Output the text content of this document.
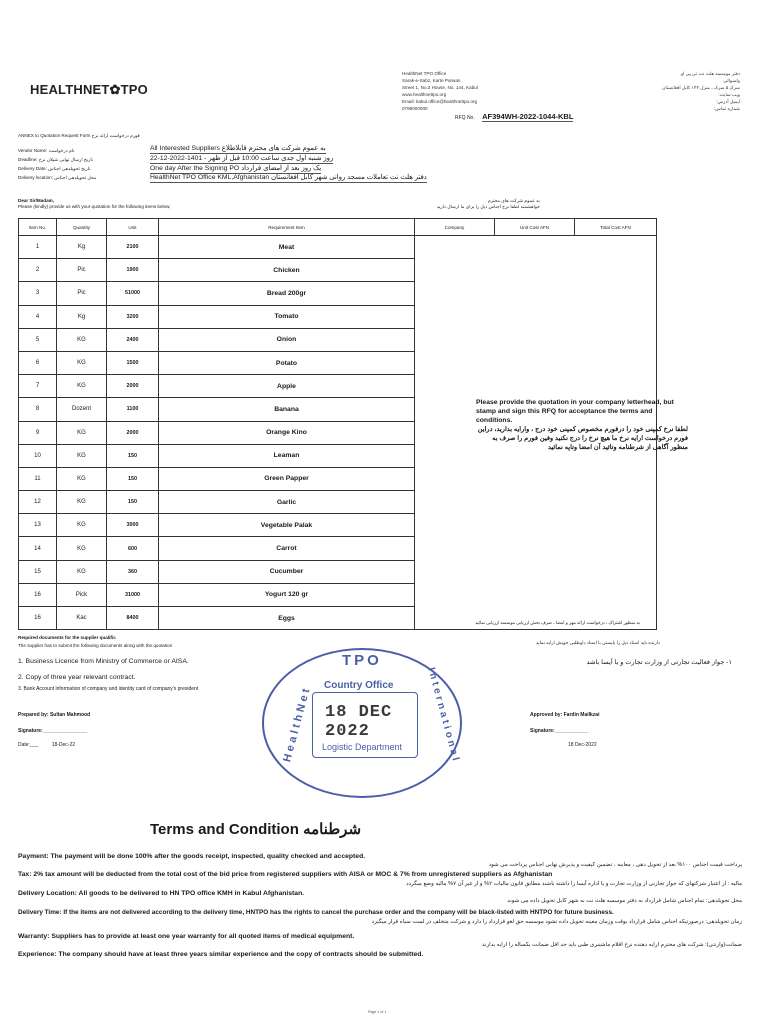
HEALTHNET✿TPO
HealthNet TPO Office
Sarak-e-Sabz, Karte Parwan
Street 1, No.3 House, No. 144, Kabul
www.healthnettpo.org
Email: kabul.office@healthnettpo.org
0799000000
دفتر موسسه هلت نت تی پی او
ولسوالی
سرک ۵ سرک ، منزل ۱۴۴ کابل افغانستان
ویب سایت:
ایمیل آدرس:
شماره تماس:
RFQ No. AF394WH-2022-1044-KBL
ANNEX to Quotation Request Form فورم درخواست ارائه نرخ
Vendor Name: نام درخواست	All Interested Suppliers به عموم شرکت های محترم قابلاطلاع
Deadline: تاریخ ارسال نهایی شیلان نرخ	22-12-2022-1401 - روز شنبه اول جدی ساعت 10:00 قبل از ظهر
Delivery Date: تاریخ تحویلدهی اجناس	One day After the Signing PO یک روز بعد از امضای قرارداد
Delivery location: محل تحویلدهی اجناس	HealthNet TPO Office KML,Afghanistan دفتر هلث نت تعاملات مسجد روانی شهر کابل افغانستان
Dear Sir/Madam,
Please (kindly) provide us with your quotation for the following items below,
به عموم شرکت های محترم
خواهشمند لطفا نرخ اجناس ذیل را برای ما ارسال دارید
Item No.	Quantity	Unit	Requirement Item	Company	Unit Cost AFN	Total Cost AFN
1	Kg	2100	Meat			
2	Pic	1900	Chicken			
3	Pic	51000	Bread 200gr			
4	Kg	3200	Tomato			
5	KG	2400	Onion			
6	KG	1500	Potato			
7	KG	2000	Apple			
8	Dozent	1100	Banana			
9	KG	2000	Orange Kino			
10	KG	150	Leaman			
11	KG	150	Green Papper			
12	KG	150	Garlic			
13	KG	3000	Vegetable Palak			
14	KG	600	Carrot			
15	KG	360	Cucumber			
16	Pick	31000	Yogurt 120 gr			
16	Kac	8400	Eggs			
Please provide the quotation in your company letterhead, but stamp and sign this RFQ for acceptance the terms and conditions.
لطفا نرخ کمپنی خود را درفورم مخصوص کمپنی خود درج ، وارایه بدارید، دراین فورم درخواست ارایه نرخ ما هیچ نرخ را درج نکنید وفین فورم را صرف به منظور آگاهی از شرطنامه وتائید آن امضا وتاپه نمائید
به منظور اشتراک ، درخواست ارائه مهر و امضا ، صرف بخش ارزیابی موسسه ارزیابی نمائید
Required documents for the supplier qualific
The supplier has to submit the following documents along with the quotation
دارنده باید اسناد ذیل را بایستی با اسناد داوطلبی خویش ارایه نماید
1. Business Licence from Ministry of Commerce or AISA.	۱- جواز فعالیت تجارتی از وزارت تجارت و یا آیسا باشد
2. Copy of three year relevant contract.
3. Bank Account information of company and identity card of company's president
Prepared by: Sultan Mahmood
Signature:________________
Date:___	18-Dec-22
Approved by: Fardin Mailkzai
Signature:____________
18 Dec-2022
TPO
HealthNet	International
Country Office
18 DEC 2022
Logistic Department
Terms and Condition شرطنامه
Payment: The payment will be done 100% after the goods receipt, inspected, quality checked and accepted.
پرداخت قیمت اجناس ۱۰۰% بعد از تحویل دهی ، معاینه ، تضمین کیفیت و پذیرش نهایی اجناس پرداخت می شود
Tax: 2% tax amount will be deducted from the total cost of the bid price from registered suppliers with AISA or MOC & 7% from unregistered suppliers as Afghanistan
مالیه : از اعتبار شرکتهای که جواز تجارتی از وزارت تجارت و یا اداره آیسا را داشته باشند مطابق قانون مالیات ۲% و از غیر آن ۷% مالیه وضع میگردد
Delivery Location: All goods to be delivered to HN TPO office KMH in Kabul Afghanistan.
محل تحویلدهی: تمام اجناس شامل قرارداد به دفتر موسسه هلث نت به شهر کابل تحویل داده می شوند
Delivery Time: If the items are not delivered according to the delivery time, HNTPO has the rights to cancel the purchase order and the company will be black-listed with HNTPO for future business.
زمان تحویلدهی: درصورتیکه اجناس شامل قرارداد بوقت وزمان معینه تحویل داده نشود موسسه حق لغو قرارداد را دارد و شرکت متخلف در لست سیاه قرار میگیرد
Warranty: Suppliers has to provide at least one year warranty for all quoted items of medical equipment.
ضمانت(وارنتی): شرکت های محترم ارایه دهنده نرخ اقلام ماشینری طبی باید حد اقل ضمانت یکساله را ارایه بدارند
Experience: The company should have at least three years similar experience and the copy of contracts should be submitted.
Page 1 of 1
